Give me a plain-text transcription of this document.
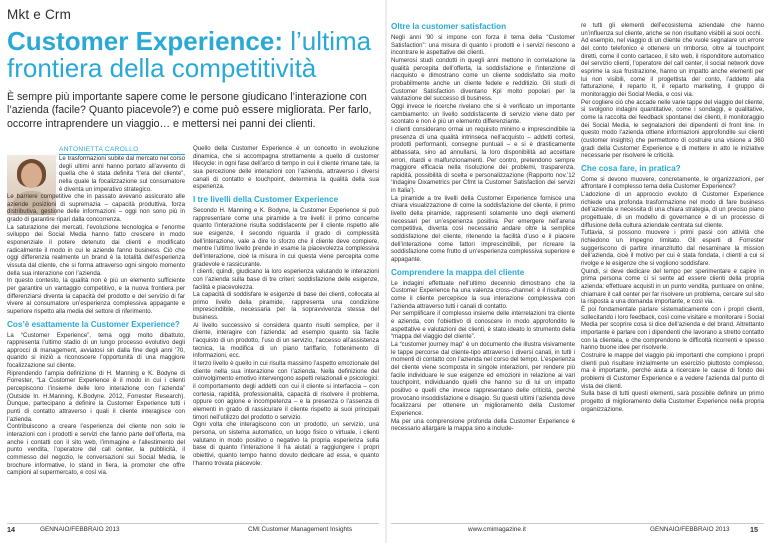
Mkt e Crm
Customer Experience: l’ultima frontiera della competitività
È sempre più importante sapere come le persone giudicano l’interazione con l’azienda (facile? Quanto piacevole?) e come può essere migliorata. Per farlo, occorre intraprendere un viaggio… e mettersi nei panni dei clienti.
ANTONIETTA CAROLLO

Le trasformazioni subite dal mercato nel corso degli ultimi anni hanno portato all’avvento di quella che è stata definita “l’era del cliente”, nella quale la focalizzazione sul consumatore è diventa un imperativo strategico.

Le barriere competitive che in passato avevano assicurato alle aziende posizioni di supremazia – capacità produttiva, forza distributiva, gestione delle informazioni – oggi non sono più in grado di garantire ripari dalla concorrenza.

La saturazione dei mercati, l’evoluzione tecnologica e l’enorme sviluppo dei Social Media hanno fatto crescere in modo esponenziale il potere detenuto dai clienti e modificato radicalmente il modo in cui le aziende fanno business. Ciò che oggi differenzia realmente un brand è la totalità dell’esperienza vissuta dal cliente, che si forma attraverso ogni singolo momento della sua interazione con l’azienda.

In questo contesto, la qualità non è più un elemento sufficiente per garantire un vantaggio competitivo, e la nuova frontiera per differenziarsi diventa la capacità del prodotto e del servizio di far vivere al consumatore un’esperienza complessiva appagante e superiore rispetto alla media del settore di riferimento.

Cos’è esattamente la Customer Experience?

La “Customer Experience”, tema oggi molto dibattuto, rappresenta l’ultimo stadio di un lungo processo evolutivo degli approcci di management, avviatosi sin dalla fine degli anni ’70, quando si iniziò a riconoscere l’opportunità di una maggiore focalizzazione sul cliente.

Riprendendo l’ampia definizione di H. Manning e K. Bodyne di Forrester, “La Customer Experience è il modo in cui i clienti percepiscono l’insieme delle loro interazione con l’azienda” (Outside In. H.Manning, K.Bodyne. 2012, Forrester Research). Dunque, partecipano a definire la Customer Experience tutti i punti di contatto attraverso i quali il cliente interagisce con l’azienda.

Contribuiscono a creare l’esperienza del cliente non solo le interazioni con i prodotti e servizi che fanno parte dell’offerta, ma anche i contatti con il sito web, l’immagine e l’allestimento del punto vendita, l’operatore del call center, la pubblicità, il commesso del negozio, le conversazioni sui Social Media, le brochure informative, lo stand in fiera, la promoter che offre campioni al supermercato, e così via.

Quello della Customer Experience è un concetto in evoluzione dinamica, che si accompagna strettamente a quello di customer lifecycle: in ogni fase dell’arco di tempo in cui il cliente rimane tale, la sua percezione delle interazioni con l’azienda, attraverso i diversi canali di contatto e touchpoint, determina la qualità della sua esperienza.

I tre livelli della Customer Experience

Secondo H. Manning e K. Bodyne, la Customer Experience si può rappresentare come una piramide a tre livelli: il primo concerne quanto l’interazione risulta soddisfacente per il cliente rispetto alle sue esigenze, il secondo riguarda il grado di complessità dell’interazione, vale a dire lo sforzo che il cliente deve compiere, mentre l’ultimo livello prende in esame la piacevolezza complessiva dell’interazione, cioè la misura in cui questa viene percepita come gradevole e rassicurante.

I clienti, quindi, giudicano la loro esperienza valutando le interazioni con l’azienda sulla base di tre criteri: soddisfazione delle esigenze, facilità e piacevolezza.

La capacità di soddisfare le esigenze di base dei clienti, collocata al primo livello della piramide, rappresenta una condizione imprescindibile, necessaria per la sopravvivenza stessa del business.

Al livello successivo si considera quanto risulti semplice, per il cliente, interagire con l’azienda: ad esempio quanto sia facile l’acquisto di un prodotto, l’uso di un servizio, l’accesso all’assistenza tecnica, la modifica di un piano tariffario, l’ottenimento di informazioni, ecc.

Il terzo livello è quello in cui risulta massimo l’aspetto emozionale del cliente nella sua interazione con l’azienda. Nella definizione del coinvolgimento emotivo intervengono aspetti relazionali e psicologici: il comportamento degli addetti con cui il cliente si interfaccia – con cortesia, rapidità, professionalità, capacità di risolvere il problema, oppure con agione e incompetenza – e la presenza o l’assenza di elementi in grado di rassicurare il cliente rispetto ai suoi principali timori nell’utilizzo del prodotto o servizio.

Ogni volta che interagiscono con un prodotto, un servizio, una persona, un sistema automatico, un luogo fisico o virtuale, i clienti valutano in modo positivo o negativo la propria esperienza sulla base di quanto l’interazione li ha aiutati a raggiungere i propri obiettivi, quanto tempo hanno dovuto dedicare ad essa, e quanto l’hanno trovata piacevole.

14	GENNAIO/FEBBRAIO 2013	CMI Customer Management Insights
Oltre la customer satisfaction

Negli anni ’90 si impone con forza il tema della “Customer Satisfaction”: una misura di quanto i prodotti e i servizi riescono a incontrare le aspettative dei clienti.

Numerosi studi condotti in quegli anni mettono in correlazione la qualità percepita dell’offerta, la soddisfazione e l’intenzione di riacquisto e dimostrano come un cliente soddisfatto sia molto probabilmente anche un cliente fedele e redditizio. Gli studi di Customer Satisfaction diventano Kpi molto popolari per la valutazione del successo di business.

Oggi invece le ricerche rivelano che si è verificato un importante cambiamento: un livello soddisfacente di servizio viene dato per scontato e non è più un elemento differenziante.

I clienti considerano ormai un requisito minimo e imprescindibile la presenza di una qualità intrinseca nell’acquisto – addetti cortesi, prodotti performanti, consegne puntuali – e si è drasticamente abbassata, sino ad annullarsi, la loro disponibilità ad accettare errori, ritardi e malfunzionamenti. Per contro, pretendono sempre maggiore efficacia nella risoluzione dei problemi, trasparenza, rapidità, possibilità di scelta e personalizzazione (Rapporto nov.’12 ‘Indagine Dixametrics per Cfmt la Customer Satisfaction dei servizi in Italia’).

La piramide a tre livelli della Customer Experience fornisce una chiara visualizzazione di come la soddisfazione del cliente, il primo livello della piramide, rappresenti solamente uno degli elementi necessari per un’esperienza positiva. Per emergere nell’arena competitiva, diventa così necessario andare oltre la semplice soddisfazione del cliente, ritenendo la facilità d’uso e il piacere dell’interazione come fattori imprescindibili, per ricreare la soddisfazione come frutto di un’esperienza complessiva superiore e appagante.

Comprendere la mappa del cliente

Le indagini effettuate nell’ultimo decennio dimostrano che la Customer Experience ha una valenza cross-channel: è il risultato di come il cliente percepisce la sua interazione complessiva con l’azienda attraverso tutti i canali di contatto.

Per semplificare il complesso insieme delle interrelazioni tra cliente e azienda, con l’obiettivo di conoscere in modo approfondito le aspettative e valutazioni dei clienti, è stato ideato lo strumento della “mappa del viaggio del cliente”.

La “customer journey map” è un documento che illustra visivamente le tappe percorse dal cliente-tipo attraverso i diversi canali, in tutti i momenti di contatto con l’azienda nel corso del tempo. L’esperienza del cliente viene scomposta in singole interazioni, per rendere più facile individuare le sue esigenze ed emozioni in relazione ai vari touchpoint, individuando quelli che hanno su di lui un impatto positivo e quelli che invece rappresentano delle criticità, perché provocano insoddisfazione e disagio. Su questi ultimi l’azienda deve focalizzarsi per ottenere un miglioramento della Customer Experience.

Ma per una comprensione profonda della Customer Experience è necessario allargare la mappa sino a include-

re tutti gli elementi dell’ecosistema aziendale che hanno un’influenza sul cliente, anche se non risultano visibili ai suoi occhi.

Ad esempio, nel viaggio di un cliente che vuole segnalare un errore del conto telefonico e ottenere un rimborso, oltre ai touchpoint diretti, come il conto cartaceo, il sito web, il risponditore automatico del servizio clienti, l’operatore del call center, il social network dove esprime la sua frustrazione, hanno un impatto anche elementi per lui non visibili, come il progettista del conto, l’addetto alla fatturazione, il reparto It, il reparto marketing, il gruppo di monitoraggio dei Social Media, e così via.

Per cogliere ciò che accade nelle varie tappe del viaggio del cliente, si svolgono indagini quantitative, come i sondaggi, e qualitative, come la raccolta dei feedback spontanei dei clienti, il monitoraggio dei Social Media, le segnalazioni dei dipendenti di front line. In questo modo l’azienda ottiene informazioni approfondite sui clienti (customer insights) che permettono di costruire una visione a 360 gradi della Customer Experience e di mettere in atto le iniziative necessarie per risolvere le criticità.

Che cosa fare, in pratica?

Come si devono muovere, concretamente, le organizzazioni, per affrontare il complesso tema della Customer Experience?

L’adozione di un approccio evoluto di Customer Experience richiede una profonda trasformazione nel modo di fare business dell’azienda e necessita di una chiara strategia, di un preciso piano progettuale, di un modello di governance e di un processo di diffusione della cultura aziendale centrata sul cliente.

Tuttavia, si possono muovere i primi passi con attività che richiedono un impegno limitato. Gli esperti di Forrester suggeriscono di partire innanzitutto dal riesaminare la mission dell’azienda, cioè il motivo per cui è stata fondata, i clienti a cui si rivolge e le esigenze che si vogliono soddisfare.

Quindi, si deve dedicare del tempo per sperimentare e capire in prima persona come ci si sente ad essere clienti della propria azienda: effettuare acquisti in un punto vendita, puntuare on online, chiamare il call center per far risolvere un problema, cercare sul sito la risposta a una domanda importante, e così via.

È poi fondamentale parlare sistematicamente con i propri clienti, sollecitando i loro feedback, così come visitare e monitorare i Social Media per scoprire cosa si dice dell’azienda e del brand. Altrettanto importante è parlare con i dipendenti che lavorano a stretto contatto con la clientela, e che comprendono le difficoltà ricorrenti e spesso hanno buone idee per risolverle.

Costruire le mappe del viaggio più importanti che compiono i propri clienti può risultare inizialmente un esercizio piuttosto complesso, ma è importante, perché aiuta a ricercare le cause di fondo dei problemi di Customer Experience e a vedere l’azienda dal punto di vista dei clienti.

Sulla base di tutti questi elementi, sarà possibile definire un primo progetto di miglioramento della Customer Experience nella propria organizzazione.

www.cmimagazine.it	GENNAIO/FEBBRAIO 2013	15
